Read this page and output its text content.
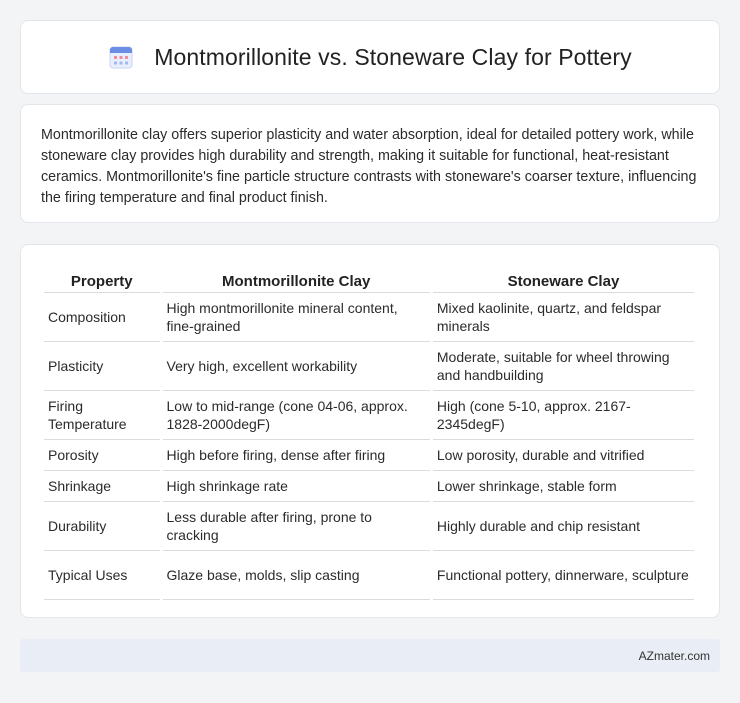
Montmorillonite vs. Stoneware Clay for Pottery

Montmorillonite clay offers superior plasticity and water absorption, ideal for detailed pottery work, while stoneware clay provides high durability and strength, making it suitable for functional, heat-resistant ceramics. Montmorillonite's fine particle structure contrasts with stoneware's coarser texture, influencing the firing temperature and final product finish.

Property	Montmorillonite Clay	Stoneware Clay
Composition	High montmorillonite mineral content, fine-grained	Mixed kaolinite, quartz, and feldspar minerals
Plasticity	Very high, excellent workability	Moderate, suitable for wheel throwing and handbuilding
Firing Temperature	Low to mid-range (cone 04-06, approx. 1828-2000degF)	High (cone 5-10, approx. 2167-2345degF)
Porosity	High before firing, dense after firing	Low porosity, durable and vitrified
Shrinkage	High shrinkage rate	Lower shrinkage, stable form
Durability	Less durable after firing, prone to cracking	Highly durable and chip resistant
Typical Uses	Glaze base, molds, slip casting	Functional pottery, dinnerware, sculpture
AZmater.com
